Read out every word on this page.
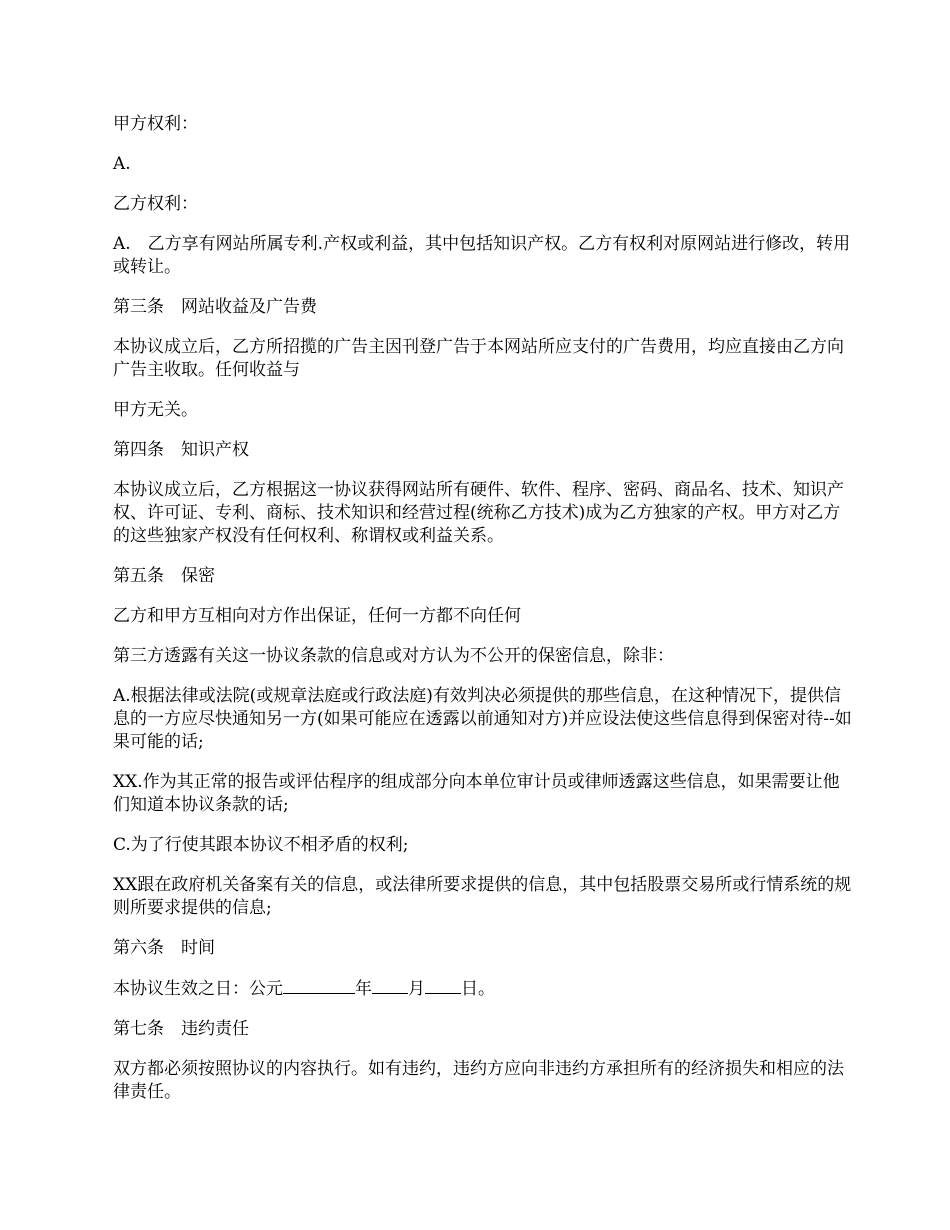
甲方权利：

A.

乙方权利：

A.　乙方享有网站所属专利.产权或利益，其中包括知识产权。乙方有权利对原网站进行修改，转用或转让。

第三条　网站收益及广告费

本协议成立后，乙方所招揽的广告主因刊登广告于本网站所应支付的广告费用，均应直接由乙方向广告主收取。任何收益与

甲方无关。

第四条　知识产权

本协议成立后，乙方根据这一协议获得网站所有硬件、软件、程序、密码、商品名、技术、知识产权、许可证、专利、商标、技术知识和经营过程(统称乙方技术)成为乙方独家的产权。甲方对乙方的这些独家产权没有任何权利、称谓权或利益关系。

第五条　保密

乙方和甲方互相向对方作出保证，任何一方都不向任何

第三方透露有关这一协议条款的信息或对方认为不公开的保密信息，除非：

A.根据法律或法院(或规章法庭或行政法庭)有效判决必须提供的那些信息，在这种情况下，提供信息的一方应尽快通知另一方(如果可能应在透露以前通知对方)并应设法使这些信息得到保密对待--如果可能的话;

XX.作为其正常的报告或评估程序的组成部分向本单位审计员或律师透露这些信息，如果需要让他们知道本协议条款的话;

C.为了行使其跟本协议不相矛盾的权利;

XX跟在政府机关备案有关的信息，或法律所要求提供的信息，其中包括股票交易所或行情系统的规则所要求提供的信息;

第六条　时间

本协议生效之日：公元	年 月 日。

第七条　违约责任

双方都必须按照协议的内容执行。如有违约，违约方应向非违约方承担所有的经济损失和相应的法律责任。
